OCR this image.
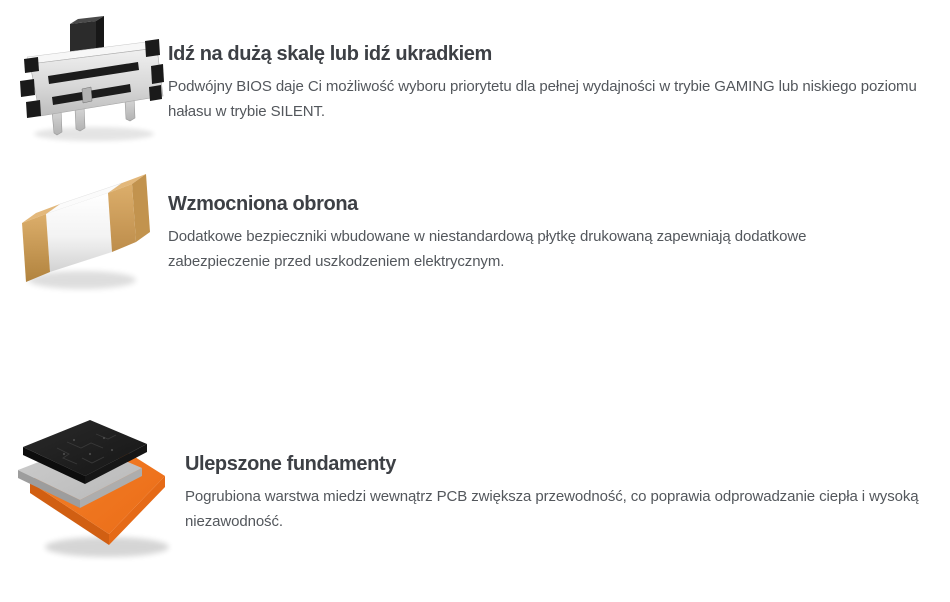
Idź na dużą skalę lub idź ukradkiem

Podwójny BIOS daje Ci możliwość wyboru priorytetu dla pełnej wydajności w trybie GAMING lub niskiego poziomu hałasu w trybie SILENT.

Wzmocniona obrona

Dodatkowe bezpieczniki wbudowane w niestandardową płytkę drukowaną zapewniają dodatkowe zabezpieczenie przed uszkodzeniem elektrycznym.

Ulepszone fundamenty

Pogrubiona warstwa miedzi wewnątrz PCB zwiększa przewodność, co poprawia odprowadzanie ciepła i wysoką niezawodność.
